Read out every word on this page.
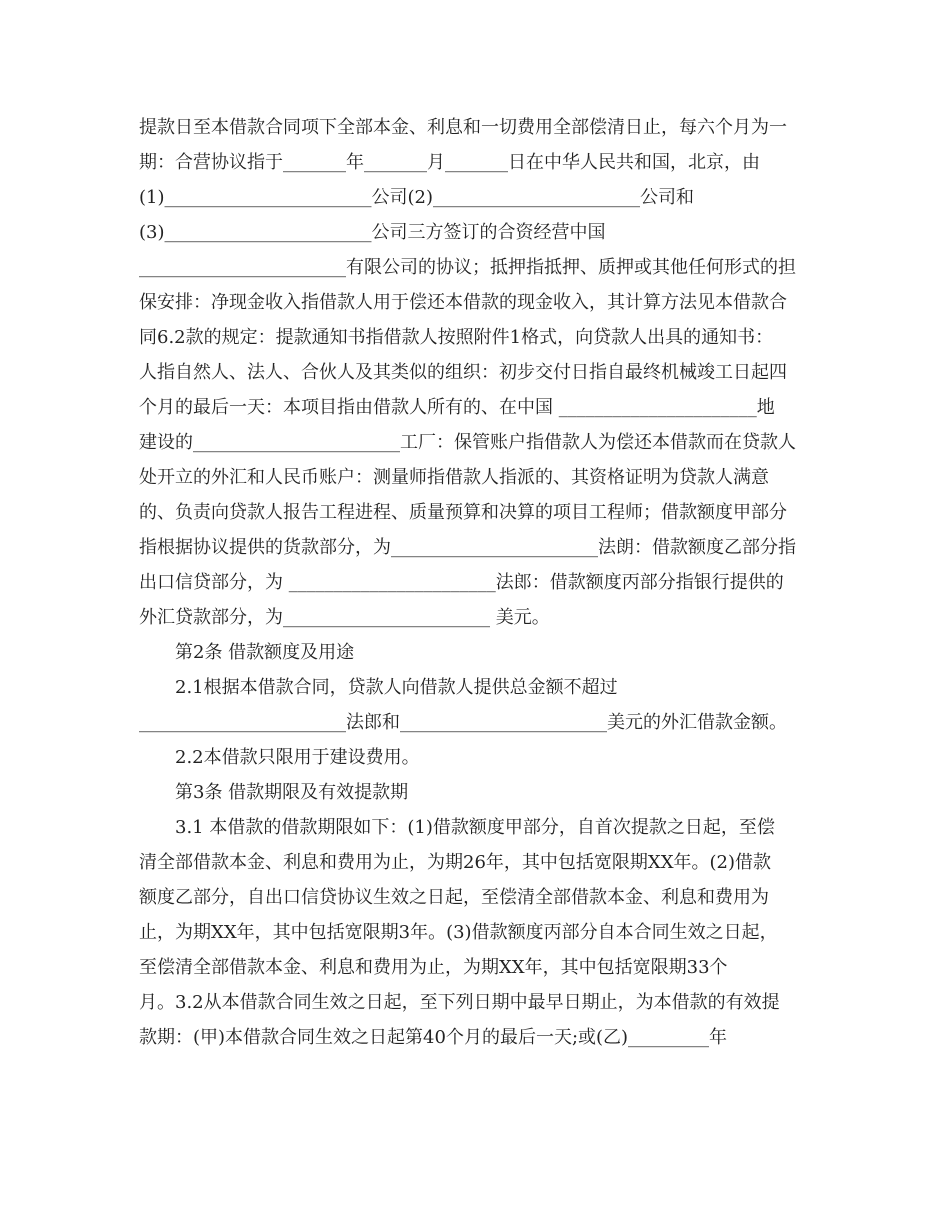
提款日至本借款合同项下全部本金、利息和一切费用全部偿清日止，每六个月为一
期：合营协议指于_______年_______月_______日在中华人民共和国，北京，由
(1)_______________________公司(2)_______________________公司和
(3)_______________________公司三方签订的合资经营中国
_______________________有限公司的协议；抵押指抵押、质押或其他任何形式的担
保安排：净现金收入指借款人用于偿还本借款的现金收入，其计算方法见本借款合
同6.2款的规定：提款通知书指借款人按照附件1格式，向贷款人出具的通知书：
人指自然人、法人、合伙人及其类似的组织：初步交付日指自最终机械竣工日起四
个月的最后一天：本项目指由借款人所有的、在中国 ______________________地
建设的_______________________工厂：保管账户指借款人为偿还本借款而在贷款人
处开立的外汇和人民币账户：测量师指借款人指派的、其资格证明为贷款人满意
的、负责向贷款人报告工程进程、质量预算和决算的项目工程师；借款额度甲部分
指根据协议提供的货款部分，为_______________________法朗：借款额度乙部分指
出口信贷部分，为 _______________________法郎：借款额度丙部分指银行提供的
外汇贷款部分，为_______________________ 美元。
第2条 借款额度及用途
2.1根据本借款合同，贷款人向借款人提供总金额不超过
_______________________法郎和_______________________美元的外汇借款金额。
2.2本借款只限用于建设费用。
第3条 借款期限及有效提款期
3.1 本借款的借款期限如下：(1)借款额度甲部分，自首次提款之日起，至偿
清全部借款本金、利息和费用为止，为期26年，其中包括宽限期XX年。(2)借款
额度乙部分，自出口信贷协议生效之日起，至偿清全部借款本金、利息和费用为
止，为期XX年，其中包括宽限期3年。(3)借款额度丙部分自本合同生效之日起，
至偿清全部借款本金、利息和费用为止，为期XX年，其中包括宽限期33个
月。3.2从本借款合同生效之日起，至下列日期中最早日期止，为本借款的有效提
款期：(甲)本借款合同生效之日起第40个月的最后一天;或(乙)_________年
